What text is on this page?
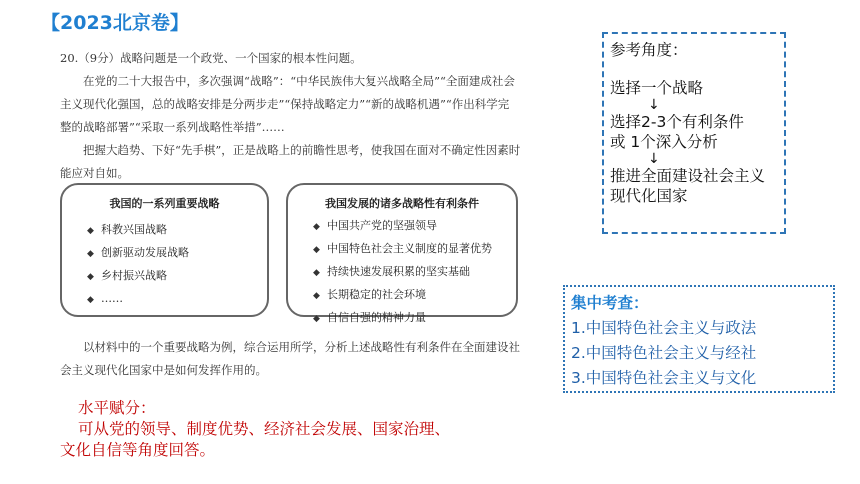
【2023北京卷】

20.（9分）战略问题是一个政党、一个国家的根本性问题。

在党的二十大报告中，多次强调“战略”：“中华民族伟大复兴战略全局”“全面建成社会

主义现代化强国，总的战略安排是分两步走”“保持战略定力”“新的战略机遇”“作出科学完

整的战略部署”“采取一系列战略性举措”……

把握大趋势、下好“先手棋”，正是战略上的前瞻性思考，使我国在面对不确定性因素时

能应对自如。

我国的一系列重要战略
◆ 科教兴国战略
◆ 创新驱动发展战略
◆ 乡村振兴战略
◆ ……
我国发展的诸多战略性有利条件
◆ 中国共产党的坚强领导
◆ 中国特色社会主义制度的显著优势
◆ 持续快速发展积累的坚实基础
◆ 长期稳定的社会环境
◆ 自信自强的精神力量
以材料中的一个重要战略为例，综合运用所学，分析上述战略性有利条件在全面建设社
会主义现代化国家中是如何发挥作用的。
水平赋分：
可从党的领导、制度优势、经济社会发展、国家治理、
文化自信等角度回答。
参考角度：
选择一个战略
↓
选择2-3个有利条件
或 1个深入分析
↓
推进全面建设社会主义现代化国家
集中考查：
1.中国特色社会主义与政法
2.中国特色社会主义与经社
3.中国特色社会主义与文化
